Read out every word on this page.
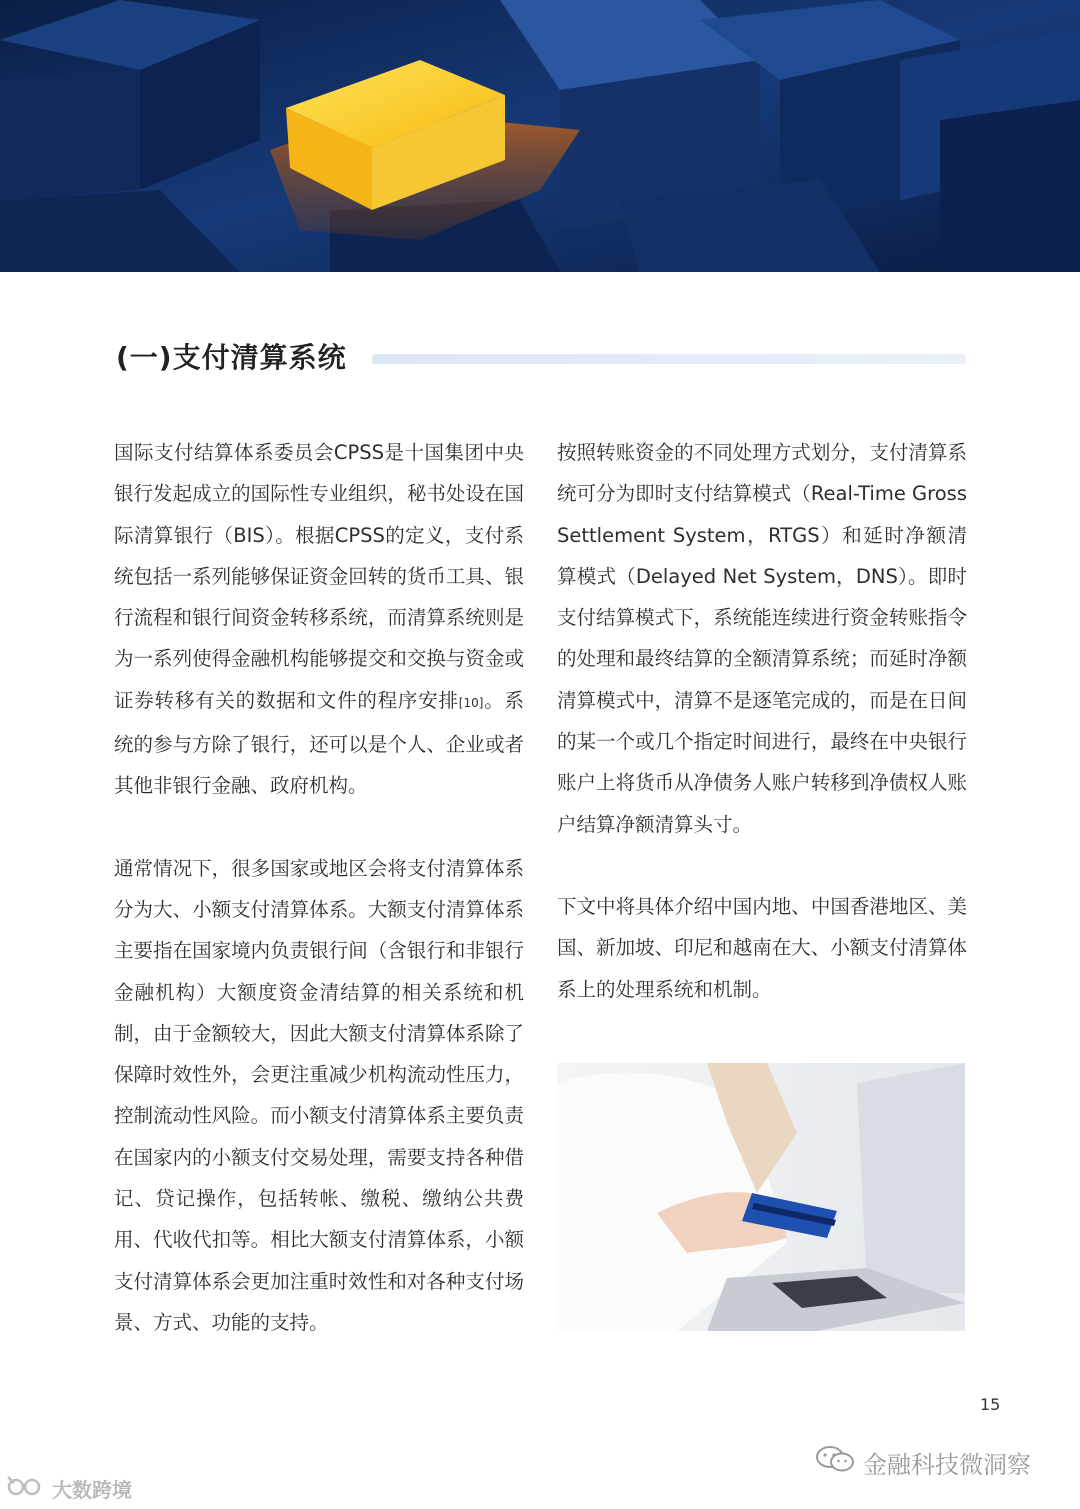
(一)支付清算系统

国际支付结算体系委员会CPSS是十国集团中央银行发起成立的国际性专业组织，秘书处设在国际清算银行（BIS）。根据CPSS的定义，支付系统包括一系列能够保证资金回转的货币工具、银行流程和银行间资金转移系统，而清算系统则是为一系列使得金融机构能够提交和交换与资金或证券转移有关的数据和文件的程序安排[10]。系统的参与方除了银行，还可以是个人、企业或者其他非银行金融、政府机构。

通常情况下，很多国家或地区会将支付清算体系分为大、小额支付清算体系。大额支付清算体系主要指在国家境内负责银行间（含银行和非银行金融机构）大额度资金清结算的相关系统和机制，由于金额较大，因此大额支付清算体系除了保障时效性外，会更注重减少机构流动性压力，控制流动性风险。而小额支付清算体系主要负责在国家内的小额支付交易处理，需要支持各种借记、贷记操作，包括转帐、缴税、缴纳公共费用、代收代扣等。相比大额支付清算体系，小额支付清算体系会更加注重时效性和对各种支付场景、方式、功能的支持。

按照转账资金的不同处理方式划分，支付清算系统可分为即时支付结算模式（Real-Time Gross Settlement System，RTGS）和延时净额清算模式（Delayed Net System，DNS）。即时支付结算模式下，系统能连续进行资金转账指令的处理和最终结算的全额清算系统；而延时净额清算模式中，清算不是逐笔完成的，而是在日间的某一个或几个指定时间进行，最终在中央银行账户上将货币从净债务人账户转移到净债权人账户结算净额清算头寸。

下文中将具体介绍中国内地、中国香港地区、美国、新加坡、印尼和越南在大、小额支付清算体系上的处理系统和机制。

15
金融科技微洞察
大数跨境
